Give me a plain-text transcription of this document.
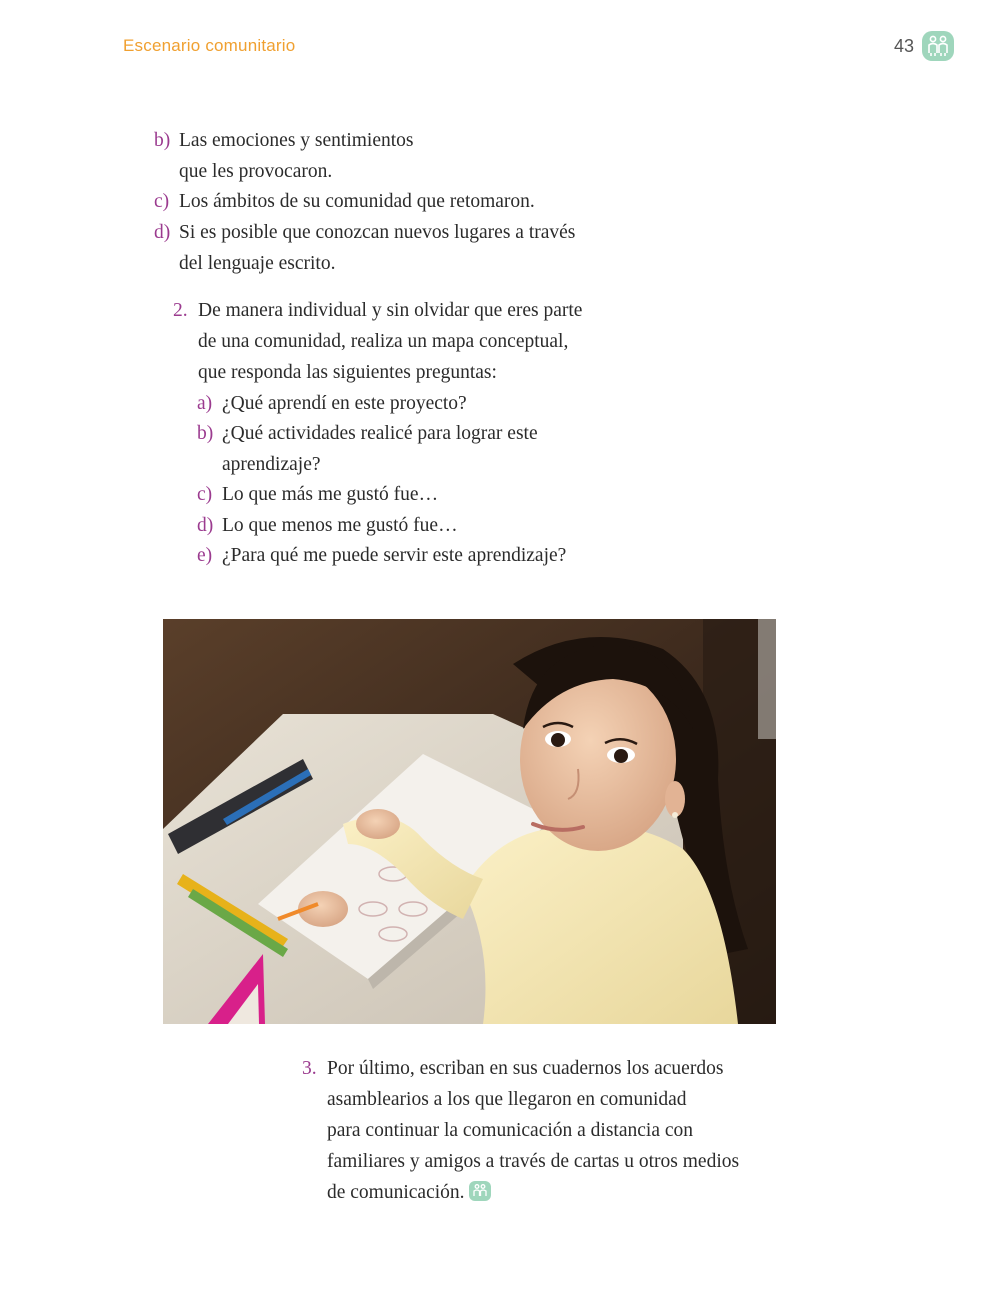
Escenario comunitario	43
b) Las emociones y sentimientos
que les provocaron.
c) Los ámbitos de su comunidad que retomaron.
d) Si es posible que conozcan nuevos lugares a través
del lenguaje escrito.
2. De manera individual y sin olvidar que eres parte
de una comunidad, realiza un mapa conceptual,
que responda las siguientes preguntas:
a) ¿Qué aprendí en este proyecto?
b) ¿Qué actividades realicé para lograr este
aprendizaje?
c) Lo que más me gustó fue…
d) Lo que menos me gustó fue…
e) ¿Para qué me puede servir este aprendizaje?
3. Por último, escriban en sus cuadernos los acuerdos
asamblearios a los que llegaron en comunidad
para continuar la comunicación a distancia con
familiares y amigos a través de cartas u otros medios
de comunicación.
